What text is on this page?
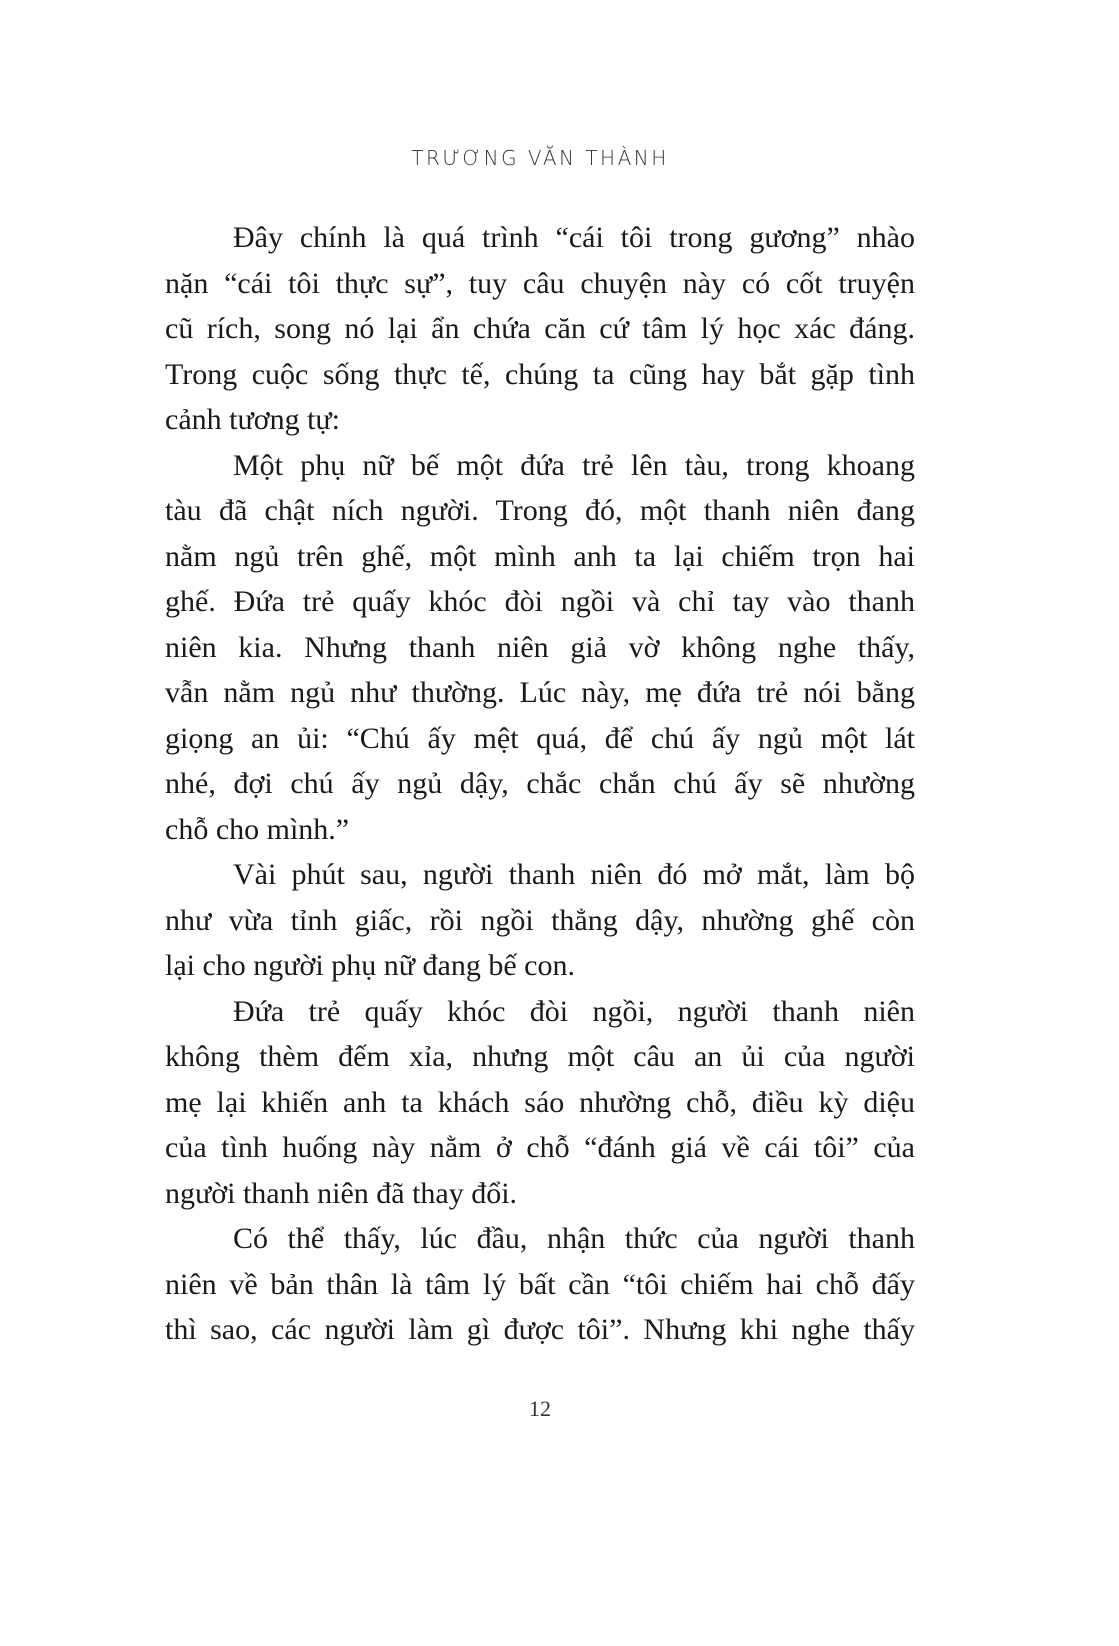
TRƯƠNG VĂN THÀNH
Đây chính là quá trình “cái tôi trong gương” nhào
nặn “cái tôi thực sự”, tuy câu chuyện này có cốt truyện
cũ rích, song nó lại ẩn chứa căn cứ tâm lý học xác đáng.
Trong cuộc sống thực tế, chúng ta cũng hay bắt gặp tình
cảnh tương tự:
Một phụ nữ bế một đứa trẻ lên tàu, trong khoang
tàu đã chật ních người. Trong đó, một thanh niên đang
nằm ngủ trên ghế, một mình anh ta lại chiếm trọn hai
ghế. Đứa trẻ quấy khóc đòi ngồi và chỉ tay vào thanh
niên kia. Nhưng thanh niên giả vờ không nghe thấy,
vẫn nằm ngủ như thường. Lúc này, mẹ đứa trẻ nói bằng
giọng an ủi: “Chú ấy mệt quá, để chú ấy ngủ một lát
nhé, đợi chú ấy ngủ dậy, chắc chắn chú ấy sẽ nhường
chỗ cho mình.”
Vài phút sau, người thanh niên đó mở mắt, làm bộ
như vừa tỉnh giấc, rồi ngồi thẳng dậy, nhường ghế còn
lại cho người phụ nữ đang bế con.
Đứa trẻ quấy khóc đòi ngồi, người thanh niên
không thèm đếm xỉa, nhưng một câu an ủi của người
mẹ lại khiến anh ta khách sáo nhường chỗ, điều kỳ diệu
của tình huống này nằm ở chỗ “đánh giá về cái tôi” của
người thanh niên đã thay đổi.
Có thể thấy, lúc đầu, nhận thức của người thanh
niên về bản thân là tâm lý bất cần “tôi chiếm hai chỗ đấy
thì sao, các người làm gì được tôi”. Nhưng khi nghe thấy
12
